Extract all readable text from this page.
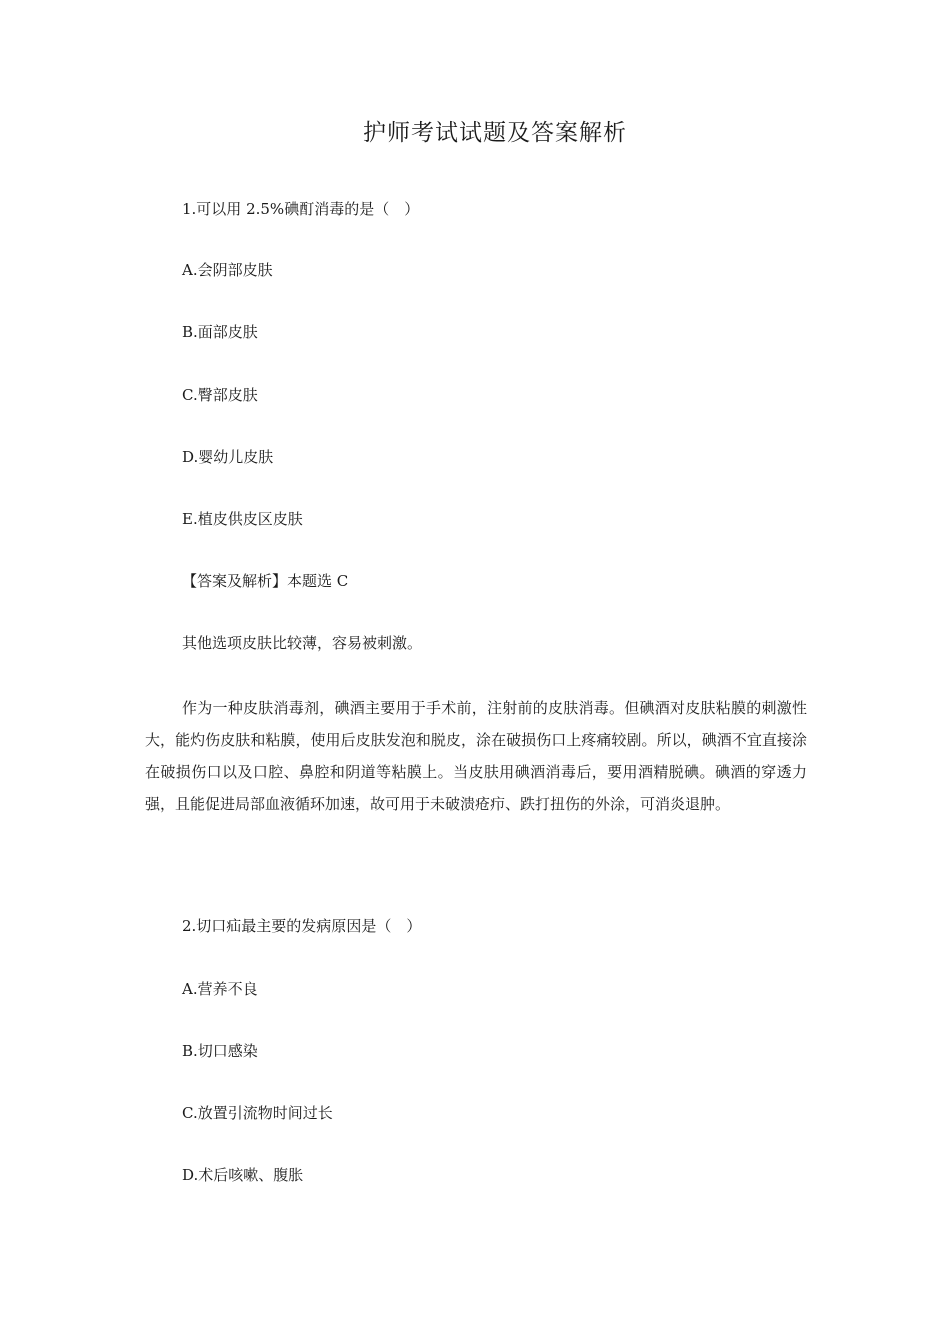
护师考试试题及答案解析
1.可以用 2.5%碘酊消毒的是（　）
A.会阴部皮肤
B.面部皮肤
C.臀部皮肤
D.婴幼儿皮肤
E.植皮供皮区皮肤
【答案及解析】本题选 C
其他选项皮肤比较薄，容易被刺激。
作为一种皮肤消毒剂，碘酒主要用于手术前，注射前的皮肤消毒。但碘酒对皮肤粘膜的刺激性大，能灼伤皮肤和粘膜，使用后皮肤发泡和脱皮，涂在破损伤口上疼痛较剧。所以，碘酒不宜直接涂在破损伤口以及口腔、鼻腔和阴道等粘膜上。当皮肤用碘酒消毒后，要用酒精脱碘。碘酒的穿透力强，且能促进局部血液循环加速，故可用于未破溃疮疖、跌打扭伤的外涂，可消炎退肿。
2.切口疝最主要的发病原因是（　）
A.营养不良
B.切口感染
C.放置引流物时间过长
D.术后咳嗽、腹胀
